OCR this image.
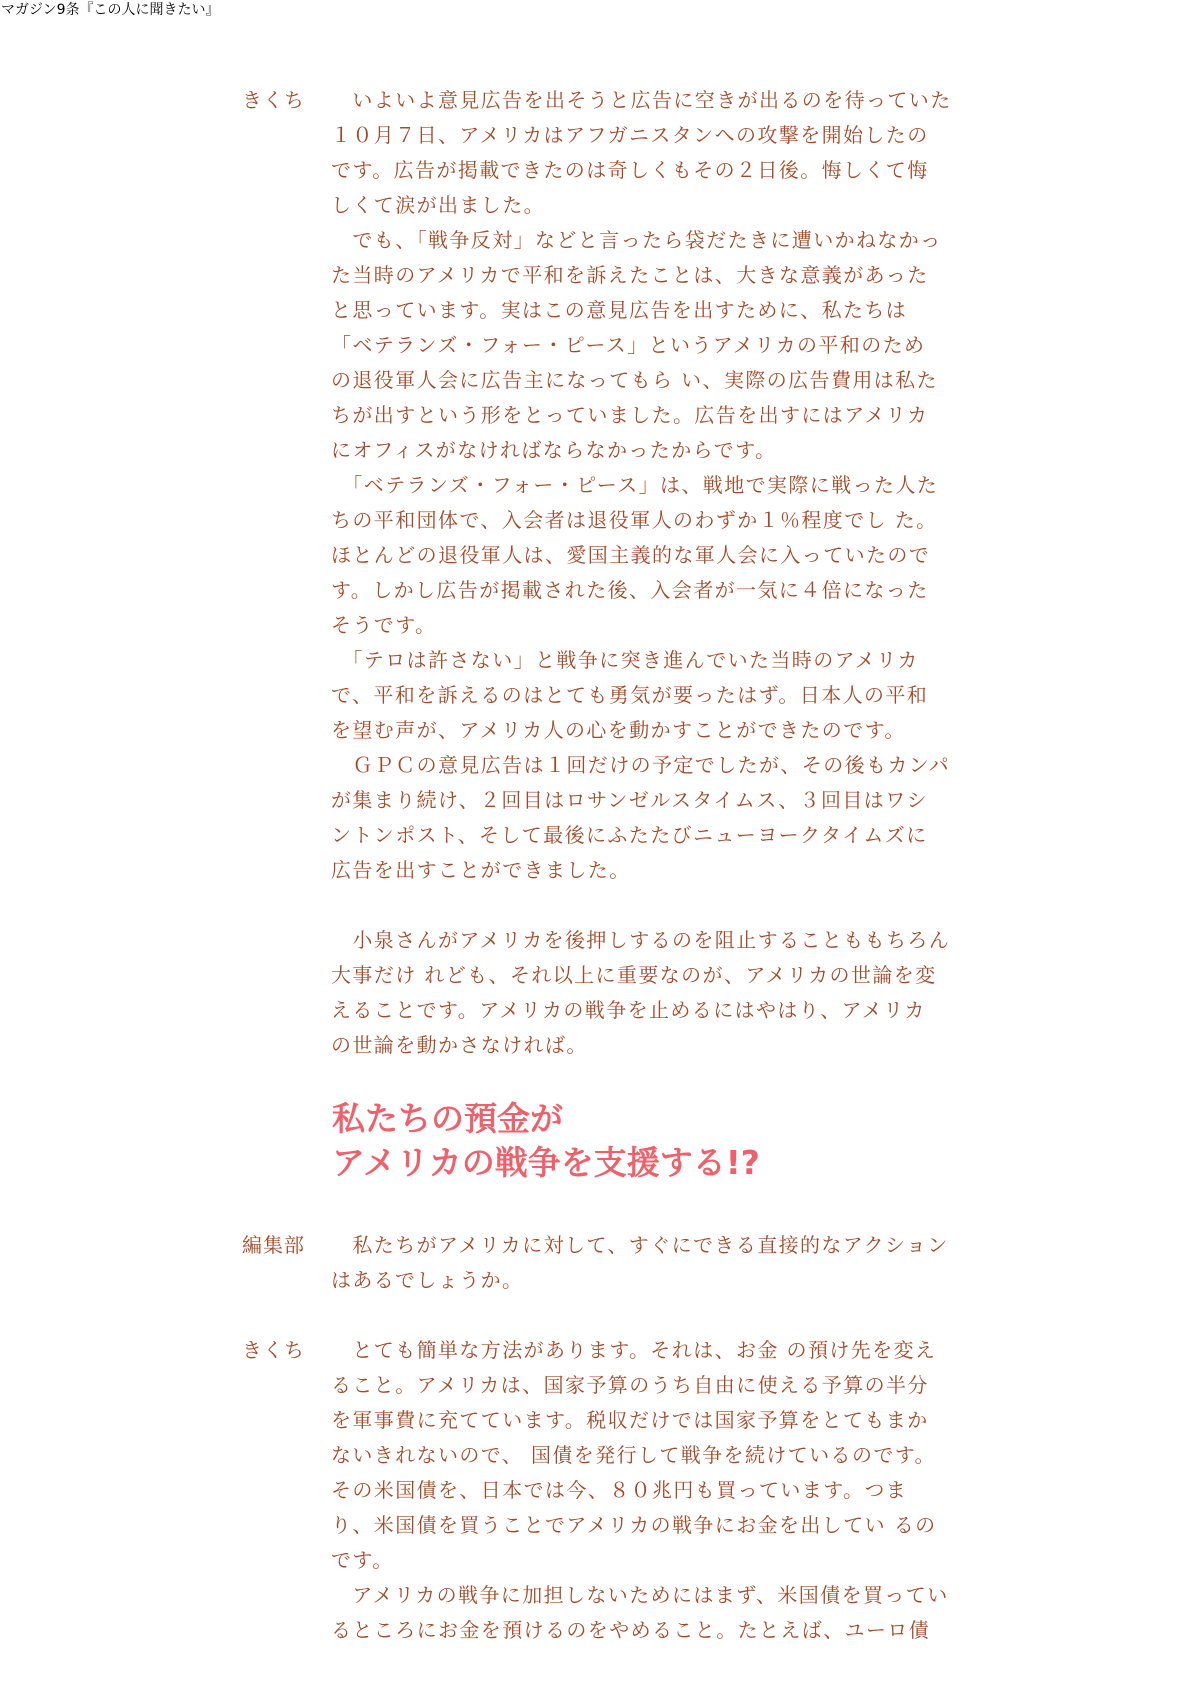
マガジン9条『この人に聞きたい』
きくち 　いよいよ意見広告を出そうと広告に空きが出るのを待っていた
１０月７日、アメリカはアフガニスタンへの攻撃を開始したの
です。広告が掲載できたのは奇しくもその２日後。悔しくて悔
しくて涙が出ました。
　でも、「戦争反対」などと言ったら袋だたきに遭いかねなかっ
た当時のアメリカで平和を訴えたことは、大きな意義があった
と思っています。実はこの意見広告を出すために、私たちは
「ベテランズ・フォー・ピース」というアメリカの平和のため
の退役軍人会に広告主になってもら い、実際の広告費用は私た
ちが出すという形をとっていました。広告を出すにはアメリカ
にオフィスがなければならなかったからです。
　「ベテランズ・フォー・ピース」は、戦地で実際に戦った人た
ちの平和団体で、入会者は退役軍人のわずか１％程度でし た。
ほとんどの退役軍人は、愛国主義的な軍人会に入っていたので
す。しかし広告が掲載された後、入会者が一気に４倍になった
そうです。
　「テロは許さない」と戦争に突き進んでいた当時のアメリカ
で、平和を訴えるのはとても勇気が要ったはず。日本人の平和
を望む声が、アメリカ人の心を動かすことができたのです。
　ＧＰＣの意見広告は１回だけの予定でしたが、その後もカンパ
が集まり続け、２回目はロサンゼルスタイムス、３回目はワシ
ントンポスト、そして最後にふたたびニューヨークタイムズに
広告を出すことができました。
　小泉さんがアメリカを後押しするのを阻止することももちろん
大事だけ れども、それ以上に重要なのが、アメリカの世論を変
えることです。アメリカの戦争を止めるにはやはり、アメリカ
の世論を動かさなければ。
私たちの預金が
アメリカの戦争を支援する!?
編集部 　私たちがアメリカに対して、すぐにできる直接的なアクション
はあるでしょうか。
きくち 　とても簡単な方法があります。それは、お金 の預け先を変え
ること。アメリカは、国家予算のうち自由に使える予算の半分
を軍事費に充てています。税収だけでは国家予算をとてもまか
ないきれないので、 国債を発行して戦争を続けているのです。
その米国債を、日本では今、８０兆円も買っています。つま
り、米国債を買うことでアメリカの戦争にお金を出してい るの
です。
　アメリカの戦争に加担しないためにはまず、米国債を買ってい
るところにお金を預けるのをやめること。たとえば、ユーロ債
